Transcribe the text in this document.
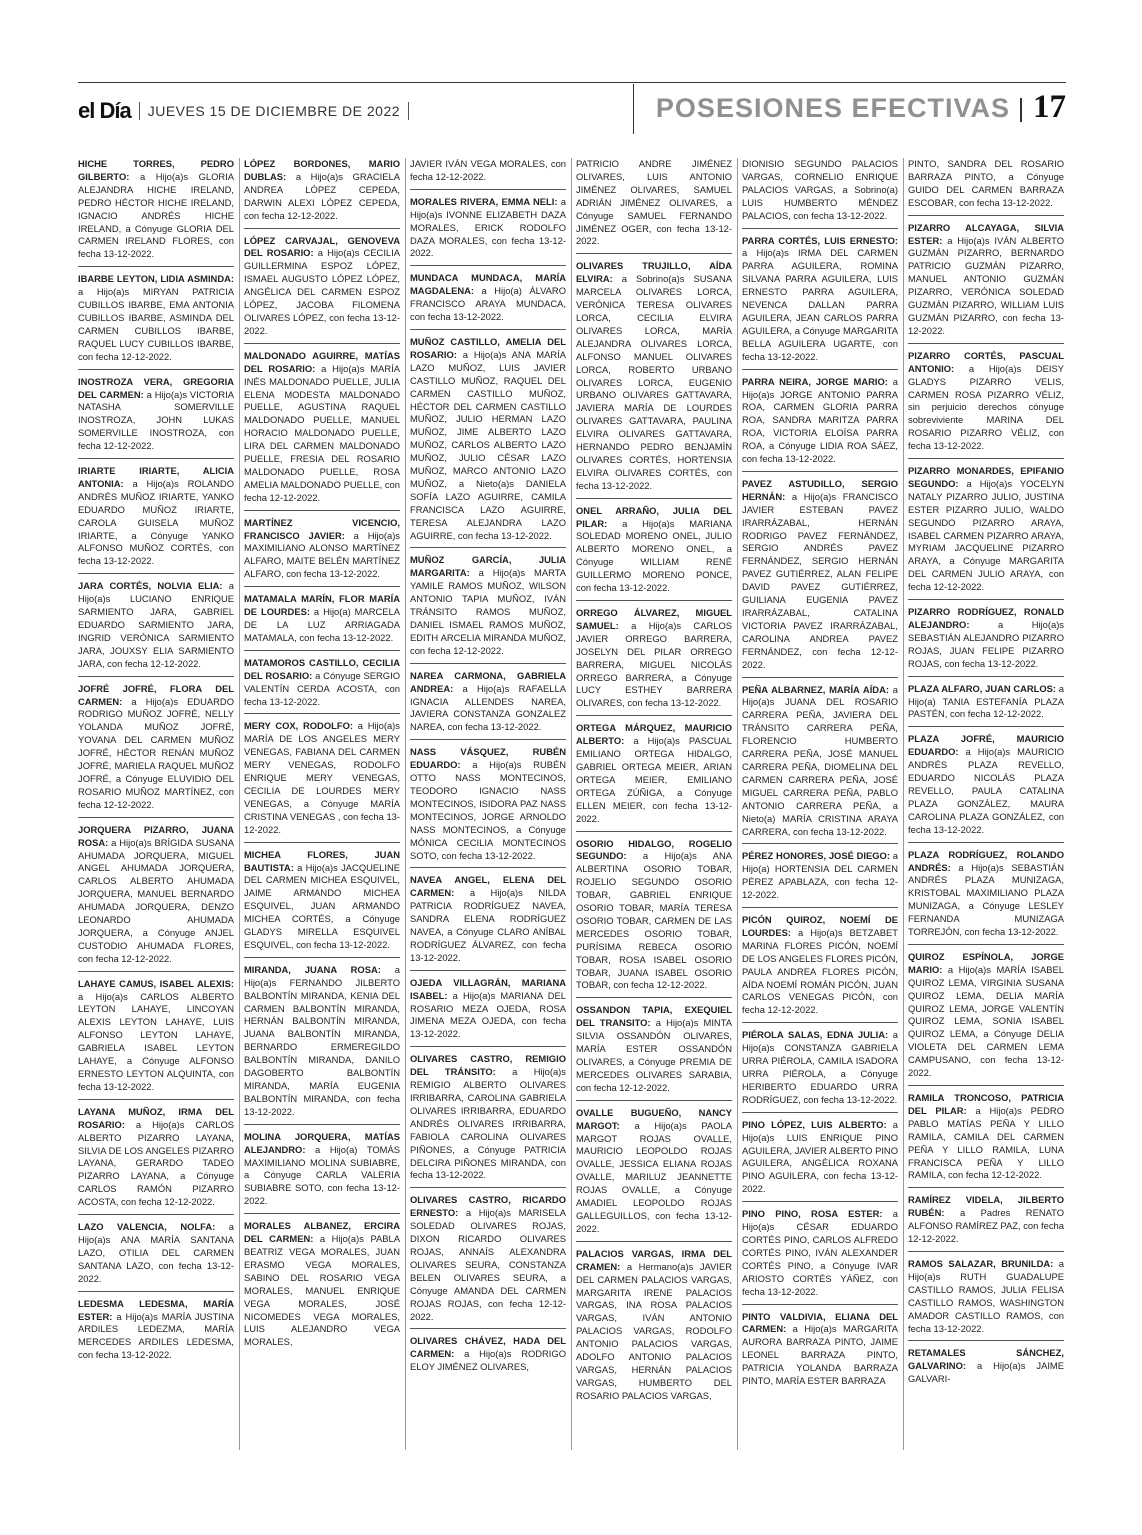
el Día JUEVES 15 DE DICIEMBRE DE 2022	POSESIONES EFECTIVAS 17
HICHE TORRES, PEDRO GILBERTO: a Hijo(a)s GLORIA ALEJANDRA HICHE IRELAND, PEDRO HÉCTOR HICHE IRELAND, IGNACIO ANDRÉS HICHE IRELAND, a Cónyuge GLORIA DEL CARMEN IRELAND FLORES, con fecha 13-12-2022.
IBARBE LEYTON, LIDIA ASMINDA: a Hijo(a)s MIRYAN PATRICIA CUBILLOS IBARBE, EMA ANTONIA CUBILLOS IBARBE, ASMINDA DEL CARMEN CUBILLOS IBARBE, RAQUEL LUCY CUBILLOS IBARBE, con fecha 12-12-2022.
INOSTROZA VERA, GREGORIA DEL CARMEN: a Hijo(a)s VICTORIA NATASHA SOMERVILLE INOSTROZA, JOHN LUKAS SOMERVILLE INOSTROZA, con fecha 12-12-2022.
IRIARTE IRIARTE, ALICIA ANTONIA: a Hijo(a)s ROLANDO ANDRÉS MUÑOZ IRIARTE, YANKO EDUARDO MUÑOZ IRIARTE, CAROLA GUISELA MUÑOZ IRIARTE, a Cónyuge YANKO ALFONSO MUÑOZ CORTÉS, con fecha 13-12-2022.
JARA CORTÉS, NOLVIA ELIA: a Hijo(a)s LUCIANO ENRIQUE SARMIENTO JARA, GABRIEL EDUARDO SARMIENTO JARA, INGRID VERÓNICA SARMIENTO JARA, JOUXSY ELIA SARMIENTO JARA, con fecha 12-12-2022.
JOFRÉ JOFRÉ, FLORA DEL CARMEN: a Hijo(a)s EDUARDO RODRIGO MUÑOZ JOFRÉ, NELLY YOLANDA MUÑOZ JOFRÉ, YOVANA DEL CARMEN MUÑOZ JOFRÉ, HÉCTOR RENÁN MUÑOZ JOFRÉ, MARIELA RAQUEL MUÑOZ JOFRÉ, a Cónyuge ELUVIDIO DEL ROSARIO MUÑOZ MARTÍNEZ, con fecha 12-12-2022.
JORQUERA PIZARRO, JUANA ROSA: a Hijo(a)s BRÍGIDA SUSANA AHUMADA JORQUERA, MIGUEL ANGEL AHUMADA JORQUERA, CARLOS ALBERTO AHUMADA JORQUERA, MANUEL BERNARDO AHUMADA JORQUERA, DENZO LEONARDO AHUMADA JORQUERA, a Cónyuge ANJEL CUSTODIO AHUMADA FLORES, con fecha 12-12-2022.
LAHAYE CAMUS, ISABEL ALEXIS: a Hijo(a)s CARLOS ALBERTO LEYTON LAHAYE, LINCOYAN ALEXIS LEYTON LAHAYE, LUIS ALFONSO LEYTON LAHAYE, GABRIELA ISABEL LEYTON LAHAYE, a Cónyuge ALFONSO ERNESTO LEYTON ALQUINTA, con fecha 13-12-2022.
LAYANA MUÑOZ, IRMA DEL ROSARIO: a Hijo(a)s CARLOS ALBERTO PIZARRO LAYANA, SILVIA DE LOS ANGELES PIZARRO LAYANA, GERARDO TADEO PIZARRO LAYANA, a Cónyuge CARLOS RAMÓN PIZARRO ACOSTA, con fecha 12-12-2022.
LAZO VALENCIA, NOLFA: a Hijo(a)s ANA MARÍA SANTANA LAZO, OTILIA DEL CARMEN SANTANA LAZO, con fecha 13-12-2022.
LEDESMA LEDESMA, MARÍA ESTER: a Hijo(a)s MARÍA JUSTINA ARDILES LEDEZMA, MARÍA MERCEDES ARDILES LEDESMA, con fecha 13-12-2022.
LÓPEZ BORDONES, MARIO DUBLAS: a Hijo(a)s GRACIELA ANDREA LÓPEZ CEPEDA, DARWIN ALEXI LÓPEZ CEPEDA, con fecha 12-12-2022.
LÓPEZ CARVAJAL, GENOVEVA DEL ROSARIO: a Hijo(a)s CECILIA GUILLERMINA ESPOZ LÓPEZ, ISMAEL AUGUSTO LÓPEZ LÓPEZ, ANGÉLICA DEL CARMEN ESPOZ LÓPEZ, JACOBA FILOMENA OLIVARES LÓPEZ, con fecha 13-12-2022.
MALDONADO AGUIRRE, MATÍAS DEL ROSARIO: a Hijo(a)s MARÍA INÉS MALDONADO PUELLE, JULIA ELENA MODESTA MALDONADO PUELLE, AGUSTINA RAQUEL MALDONADO PUELLE, MANUEL HORACIO MALDONADO PUELLE, LIRA DEL CARMEN MALDONADO PUELLE, FRESIA DEL ROSARIO MALDONADO PUELLE, ROSA AMELIA MALDONADO PUELLE, con fecha 12-12-2022.
MARTÍNEZ VICENCIO, FRANCISCO JAVIER: a Hijo(a)s MAXIMILIANO ALONSO MARTÍNEZ ALFARO, MAITE BELÉN MARTÍNEZ ALFARO, con fecha 13-12-2022.
MATAMALA MARÍN, FLOR MARÍA DE LOURDES: a Hijo(a) MARCELA DE LA LUZ ARRIAGADA MATAMALA, con fecha 13-12-2022.
MATAMOROS CASTILLO, CECILIA DEL ROSARIO: a Cónyuge SERGIO VALENTÍN CERDA ACOSTA, con fecha 13-12-2022.
MERY COX, RODOLFO: a Hijo(a)s MARÍA DE LOS ANGELES MERY VENEGAS, FABIANA DEL CARMEN MERY VENEGAS, RODOLFO ENRIQUE MERY VENEGAS, CECILIA DE LOURDES MERY VENEGAS, a Cónyuge MARÍA CRISTINA VENEGAS , con fecha 13-12-2022.
MICHEA FLORES, JUAN BAUTISTA: a Hijo(a)s JACQUELINE DEL CARMEN MICHEA ESQUIVEL, JAIME ARMANDO MICHEA ESQUIVEL, JUAN ARMANDO MICHEA CORTÉS, a Cónyuge GLADYS MIRELLA ESQUIVEL ESQUIVEL, con fecha 13-12-2022.
MIRANDA, JUANA ROSA: a Hijo(a)s FERNANDO JILBERTO BALBONTÍN MIRANDA, KENIA DEL CARMEN BALBONTÍN MIRANDA, HERNÁN BALBONTÍN MIRANDA, JUANA BALBONTÍN MIRANDA, BERNARDO ERMEREGILDO BALBONTÍN MIRANDA, DANILO DAGOBERTO BALBONTÍN MIRANDA, MARÍA EUGENIA BALBONTÍN MIRANDA, con fecha 13-12-2022.
MOLINA JORQUERA, MATÍAS ALEJANDRO: a Hijo(a) TOMÁS MAXIMILIANO MOLINA SUBIABRE, a Cónyuge CARLA VALERIA SUBIABRE SOTO, con fecha 13-12-2022.
MORALES ALBANEZ, ERCIRA DEL CARMEN: a Hijo(a)s PABLA BEATRIZ VEGA MORALES, JUAN ERASMO VEGA MORALES, SABINO DEL ROSARIO VEGA MORALES, MANUEL ENRIQUE VEGA MORALES, JOSÉ NICOMEDES VEGA MORALES, LUIS ALEJANDRO VEGA MORALES,
JAVIER IVÁN VEGA MORALES, con fecha 12-12-2022.
MORALES RIVERA, EMMA NELI: a Hijo(a)s IVONNE ELIZABETH DAZA MORALES, ERICK RODOLFO DAZA MORALES, con fecha 13-12-2022.
MUNDACA MUNDACA, MARÍA MAGDALENA: a Hijo(a) ÁLVARO FRANCISCO ARAYA MUNDACA, con fecha 13-12-2022.
MUÑOZ CASTILLO, AMELIA DEL ROSARIO: a Hijo(a)s ANA MARÍA LAZO MUÑOZ, LUIS JAVIER CASTILLO MUÑOZ, RAQUEL DEL CARMEN CASTILLO MUÑOZ, HÉCTOR DEL CARMEN CASTILLO MUÑOZ, JULIO HERMAN LAZO MUÑOZ, JIME ALBERTO LAZO MUÑOZ, CARLOS ALBERTO LAZO MUÑOZ, JULIO CÉSAR LAZO MUÑOZ, MARCO ANTONIO LAZO MUÑOZ, a Nieto(a)s DANIELA SOFÍA LAZO AGUIRRE, CAMILA FRANCISCA LAZO AGUIRRE, TERESA ALEJANDRA LAZO AGUIRRE, con fecha 13-12-2022.
MUÑOZ GARCÍA, JULIA MARGARITA: a Hijo(a)s MARTA YAMILE RAMOS MUÑOZ, WILSON ANTONIO TAPIA MUÑOZ, IVÁN TRÁNSITO RAMOS MUÑOZ, DANIEL ISMAEL RAMOS MUÑOZ, EDITH ARCELIA MIRANDA MUÑOZ, con fecha 12-12-2022.
NAREA CARMONA, GABRIELA ANDREA: a Hijo(a)s RAFAELLA IGNACIA ALLENDES NAREA, JAVIERA CONSTANZA GONZALEZ NAREA, con fecha 13-12-2022.
NASS VÁSQUEZ, RUBÉN EDUARDO: a Hijo(a)s RUBÉN OTTO NASS MONTECINOS, TEODORO IGNACIO NASS MONTECINOS, ISIDORA PAZ NASS MONTECINOS, JORGE ARNOLDO NASS MONTECINOS, a Cónyuge MÓNICA CECILIA MONTECINOS SOTO, con fecha 13-12-2022.
NAVEA ANGEL, ELENA DEL CARMEN: a Hijo(a)s NILDA PATRICIA RODRÍGUEZ NAVEA, SANDRA ELENA RODRÍGUEZ NAVEA, a Cónyuge CLARO ANÍBAL RODRÍGUEZ ÁLVAREZ, con fecha 13-12-2022.
OJEDA VILLAGRÁN, MARIANA ISABEL: a Hijo(a)s MARIANA DEL ROSARIO MEZA OJEDA, ROSA JIMENA MEZA OJEDA, con fecha 13-12-2022.
OLIVARES CASTRO, REMIGIO DEL TRÁNSITO: a Hijo(a)s REMIGIO ALBERTO OLIVARES IRRIBARRA, CAROLINA GABRIELA OLIVARES IRRIBARRA, EDUARDO ANDRÉS OLIVARES IRRIBARRA, FABIOLA CAROLINA OLIVARES PIÑONES, a Cónyuge PATRICIA DELCIRA PIÑONES MIRANDA, con fecha 13-12-2022.
OLIVARES CASTRO, RICARDO ERNESTO: a Hijo(a)s MARISELA SOLEDAD OLIVARES ROJAS, DIXON RICARDO OLIVARES ROJAS, ANNAÍS ALEXANDRA OLIVARES SEURA, CONSTANZA BELEN OLIVARES SEURA, a Cónyuge AMANDA DEL CARMEN ROJAS ROJAS, con fecha 12-12-2022.
OLIVARES CHÁVEZ, HADA DEL CARMEN: a Hijo(a)s RODRIGO ELOY JIMÉNEZ OLIVARES,
PATRICIO ANDRE JIMÉNEZ OLIVARES, LUIS ANTONIO JIMÉNEZ OLIVARES, SAMUEL ADRIÁN JIMÉNEZ OLIVARES, a Cónyuge SAMUEL FERNANDO JIMÉNEZ OGER, con fecha 13-12-2022.
OLIVARES TRUJILLO, AÍDA ELVIRA: a Sobrino(a)s SUSANA MARCELA OLIVARES LORCA, VERÓNICA TERESA OLIVARES LORCA, CECILIA ELVIRA OLIVARES LORCA, MARÍA ALEJANDRA OLIVARES LORCA, ALFONSO MANUEL OLIVARES LORCA, ROBERTO URBANO OLIVARES LORCA, EUGENIO URBANO OLIVARES GATTAVARA, JAVIERA MARÍA DE LOURDES OLIVARES GATTAVARA, PAULINA ELVIRA OLIVARES GATTAVARA, HERNANDO PEDRO BENJAMÍN OLIVARES CORTÉS, HORTENSIA ELVIRA OLIVARES CORTÉS, con fecha 13-12-2022.
ONEL ARRAÑO, JULIA DEL PILAR: a Hijo(a)s MARIANA SOLEDAD MORENO ONEL, JULIO ALBERTO MORENO ONEL, a Cónyuge WILLIAM RENÉ GUILLERMO MORENO PONCE, con fecha 13-12-2022.
ORREGO ÁLVAREZ, MIGUEL SAMUEL: a Hijo(a)s CARLOS JAVIER ORREGO BARRERA, JOSELYN DEL PILAR ORREGO BARRERA, MIGUEL NICOLÁS ORREGO BARRERA, a Cónyuge LUCY ESTHEY BARRERA OLIVARES, con fecha 13-12-2022.
ORTEGA MÁRQUEZ, MAURICIO ALBERTO: a Hijo(a)s PASCUAL EMILIANO ORTEGA HIDALGO, GABRIEL ORTEGA MEIER, ARIAN ORTEGA MEIER, EMILIANO ORTEGA ZÚÑIGA, a Cónyuge ELLEN MEIER, con fecha 13-12-2022.
OSORIO HIDALGO, ROGELIO SEGUNDO: a Hijo(a)s ANA ALBERTINA OSORIO TOBAR, ROJELIO SEGUNDO OSORIO TOBAR, GABRIEL ENRIQUE OSORIO TOBAR, MARÍA TERESA OSORIO TOBAR, CARMEN DE LAS MERCEDES OSORIO TOBAR, PURÍSIMA REBECA OSORIO TOBAR, ROSA ISABEL OSORIO TOBAR, JUANA ISABEL OSORIO TOBAR, con fecha 12-12-2022.
OSSANDON TAPIA, EXEQUIEL DEL TRANSITO: a Hijo(a)s MINTA SILVIA OSSANDÓN OLIVARES, MARÍA ESTER OSSANDÓN OLIVARES, a Cónyuge PREMIA DE MERCEDES OLIVARES SARABIA, con fecha 12-12-2022.
OVALLE BUGUEÑO, NANCY MARGOT: a Hijo(a)s PAOLA MARGOT ROJAS OVALLE, MAURICIO LEOPOLDO ROJAS OVALLE, JESSICA ELIANA ROJAS OVALLE, MARILUZ JEANNETTE ROJAS OVALLE, a Cónyuge AMADIEL LEOPOLDO ROJAS GALLEGUILLOS, con fecha 13-12-2022.
PALACIOS VARGAS, IRMA DEL CRAMEN: a Hermano(a)s JAVIER DEL CARMEN PALACIOS VARGAS, MARGARITA IRENE PALACIOS VARGAS, INA ROSA PALACIOS VARGAS, IVÁN ANTONIO PALACIOS VARGAS, RODOLFO ANTONIO PALACIOS VARGAS, ADOLFO ANTONIO PALACIOS VARGAS, HERNÁN PALACIOS VARGAS, HUMBERTO DEL ROSARIO PALACIOS VARGAS,
DIONISIO SEGUNDO PALACIOS VARGAS, CORNELIO ENRIQUE PALACIOS VARGAS, a Sobrino(a) LUIS HUMBERTO MÉNDEZ PALACIOS, con fecha 13-12-2022.
PARRA CORTÉS, LUIS ERNESTO: a Hijo(a)s IRMA DEL CARMEN PARRA AGUILERA, ROMINA SILVANA PARRA AGUILERA, LUIS ERNESTO PARRA AGUILERA, NEVENCA DALLAN PARRA AGUILERA, JEAN CARLOS PARRA AGUILERA, a Cónyuge MARGARITA BELLA AGUILERA UGARTE, con fecha 13-12-2022.
PARRA NEIRA, JORGE MARIO: a Hijo(a)s JORGE ANTONIO PARRA ROA, CARMEN GLORIA PARRA ROA, SANDRA MARITZA PARRA ROA, VICTORIA ELOÍSA PARRA ROA, a Cónyuge LIDIA ROA SÁEZ, con fecha 13-12-2022.
PAVEZ ASTUDILLO, SERGIO HERNÁN: a Hijo(a)s FRANCISCO JAVIER ESTEBAN PAVEZ IRARRÁZABAL, HERNÁN RODRIGO PAVEZ FERNÁNDEZ, SERGIO ANDRÉS PAVEZ FERNÁNDEZ, SERGIO HERNÁN PAVEZ GUTIÉRREZ, ALAN FELIPE DAVID PAVEZ GUTIÉRREZ, GUILIANA EUGENIA PAVEZ IRARRÁZABAL, CATALINA VICTORIA PAVEZ IRARRÁZABAL, CAROLINA ANDREA PAVEZ FERNÁNDEZ, con fecha 12-12-2022.
PEÑA ALBARNEZ, MARÍA AÍDA: a Hijo(a)s JUANA DEL ROSARIO CARRERA PEÑA, JAVIERA DEL TRÁNSITO CARRERA PEÑA, FLORENCIO HUMBERTO CARRERA PEÑA, JOSÉ MANUEL CARRERA PEÑA, DIOMELINA DEL CARMEN CARRERA PEÑA, JOSÉ MIGUEL CARRERA PEÑA, PABLO ANTONIO CARRERA PEÑA, a Nieto(a) MARÍA CRISTINA ARAYA CARRERA, con fecha 13-12-2022.
PÉREZ HONORES, JOSÉ DIEGO: a Hijo(a) HORTENSIA DEL CARMEN PÉREZ APABLAZA, con fecha 12-12-2022.
PICÓN QUIROZ, NOEMÍ DE LOURDES: a Hijo(a)s BETZABET MARINA FLORES PICÓN, NOEMÍ DE LOS ANGELES FLORES PICÓN, PAULA ANDREA FLORES PICÓN, AÍDA NOEMÍ ROMÁN PICÓN, JUAN CARLOS VENEGAS PICÓN, con fecha 12-12-2022.
PIÉROLA SALAS, EDNA JULIA: a Hijo(a)s CONSTANZA GABRIELA URRA PIÉROLA, CAMILA ISADORA URRA PIÉROLA, a Cónyuge HERIBERTO EDUARDO URRA RODRÍGUEZ, con fecha 13-12-2022.
PINO LÓPEZ, LUIS ALBERTO: a Hijo(a)s LUIS ENRIQUE PINO AGUILERA, JAVIER ALBERTO PINO AGUILERA, ANGÉLICA ROXANA PINO AGUILERA, con fecha 13-12-2022.
PINO PINO, ROSA ESTER: a Hijo(a)s CÉSAR EDUARDO CORTÉS PINO, CARLOS ALFREDO CORTÉS PINO, IVÁN ALEXANDER CORTÉS PINO, a Cónyuge IVAR ARIOSTO CORTÉS YÁÑEZ, con fecha 13-12-2022.
PINTO VALDIVIA, ELIANA DEL CARMEN: a Hijo(a)s MARGARITA AURORA BARRAZA PINTO, JAIME LEONEL BARRAZA PINTO, PATRICIA YOLANDA BARRAZA PINTO, MARÍA ESTER BARRAZA
PINTO, SANDRA DEL ROSARIO BARRAZA PINTO, a Cónyuge GUIDO DEL CARMEN BARRAZA ESCOBAR, con fecha 13-12-2022.
PIZARRO ALCAYAGA, SILVIA ESTER: a Hijo(a)s IVÁN ALBERTO GUZMÁN PIZARRO, BERNARDO PATRICIO GUZMÁN PIZARRO, MANUEL ANTONIO GUZMÁN PIZARRO, VERÓNICA SOLEDAD GUZMÁN PIZARRO, WILLIAM LUIS GUZMÁN PIZARRO, con fecha 13-12-2022.
PIZARRO CORTÉS, PASCUAL ANTONIO: a Hijo(a)s DEISY GLADYS PIZARRO VELIS, CARMEN ROSA PIZARRO VÉLIZ, sin perjuicio derechos cónyuge sobreviviente MARINA DEL ROSARIO PIZARRO VÉLIZ, con fecha 13-12-2022.
PIZARRO MONARDES, EPIFANIO SEGUNDO: a Hijo(a)s YOCELYN NATALY PIZARRO JULIO, JUSTINA ESTER PIZARRO JULIO, WALDO SEGUNDO PIZARRO ARAYA, ISABEL CARMEN PIZARRO ARAYA, MYRIAM JACQUELINE PIZARRO ARAYA, a Cónyuge MARGARITA DEL CARMEN JULIO ARAYA, con fecha 12-12-2022.
PIZARRO RODRÍGUEZ, RONALD ALEJANDRO: a Hijo(a)s SEBASTIÁN ALEJANDRO PIZARRO ROJAS, JUAN FELIPE PIZARRO ROJAS, con fecha 13-12-2022.
PLAZA ALFARO, JUAN CARLOS: a Hijo(a) TANIA ESTEFANÍA PLAZA PASTÉN, con fecha 12-12-2022.
PLAZA JOFRÉ, MAURICIO EDUARDO: a Hijo(a)s MAURICIO ANDRÉS PLAZA REVELLO, EDUARDO NICOLÁS PLAZA REVELLO, PAULA CATALINA PLAZA GONZÁLEZ, MAURA CAROLINA PLAZA GONZÁLEZ, con fecha 13-12-2022.
PLAZA RODRÍGUEZ, ROLANDO ANDRÉS: a Hijo(a)s SEBASTIÁN ANDRÉS PLAZA MUNIZAGA, KRISTOBAL MAXIMILIANO PLAZA MUNIZAGA, a Cónyuge LESLEY FERNANDA MUNIZAGA TORREJÓN, con fecha 13-12-2022.
QUIROZ ESPÍNOLA, JORGE MARIO: a Hijo(a)s MARÍA ISABEL QUIROZ LEMA, VIRGINIA SUSANA QUIROZ LEMA, DELIA MARÍA QUIROZ LEMA, JORGE VALENTÍN QUIROZ LEMA, SONIA ISABEL QUIROZ LEMA, a Cónyuge DELIA VIOLETA DEL CARMEN LEMA CAMPUSANO, con fecha 13-12-2022.
RAMILA TRONCOSO, PATRICIA DEL PILAR: a Hijo(a)s PEDRO PABLO MATÍAS PEÑA Y LILLO RAMILA, CAMILA DEL CARMEN PEÑA Y LILLO RAMILA, LUNA FRANCISCA PEÑA Y LILLO RAMILA, con fecha 12-12-2022.
RAMÍREZ VIDELA, JILBERTO RUBÉN: a Padres RENATO ALFONSO RAMÍREZ PAZ, con fecha 12-12-2022.
RAMOS SALAZAR, BRUNILDA: a Hijo(a)s RUTH GUADALUPE CASTILLO RAMOS, JULIA FELISA CASTILLO RAMOS, WASHINGTON AMADOR CASTILLO RAMOS, con fecha 13-12-2022.
RETAMALES SÁNCHEZ, GALVARINO: a Hijo(a)s JAIME GALVARI-
